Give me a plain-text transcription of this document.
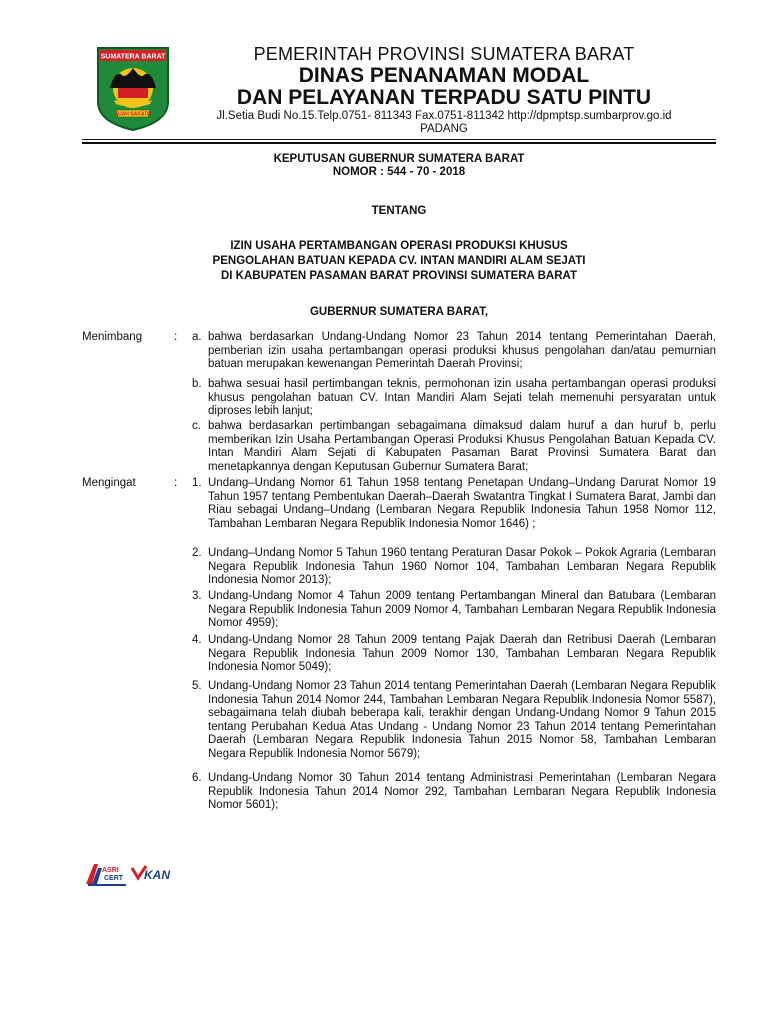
SUMATERA BARAT
TUAH SAKATO
PEMERINTAH PROVINSI SUMATERA BARAT
DINAS PENANAMAN MODAL
DAN PELAYANAN TERPADU SATU PINTU
Jl.Setia Budi No.15.Telp.0751- 811343 Fax.0751-811342 http://dpmptsp.sumbarprov.go.id
PADANG
KEPUTUSAN GUBERNUR SUMATERA BARAT
NOMOR : 544 - 70 - 2018
TENTANG
IZIN USAHA PERTAMBANGAN OPERASI PRODUKSI KHUSUS
PENGOLAHAN BATUAN KEPADA CV. INTAN MANDIRI ALAM SEJATI
DI KABUPATEN PASAMAN BARAT PROVINSI SUMATERA BARAT
GUBERNUR SUMATERA BARAT,
Menimbang	: a. bahwa berdasarkan Undang-Undang Nomor 23 Tahun 2014 tentang Pemerintahan Daerah, pemberian izin usaha pertambangan operasi produksi khusus pengolahan dan/atau pemurnian batuan merupakan kewenangan Pemerintah Daerah Provinsi;
b. bahwa sesuai hasil pertimbangan teknis, permohonan izin usaha pertambangan operasi produksi khusus pengolahan batuan CV. Intan Mandiri Alam Sejati telah memenuhi persyaratan untuk diproses lebih lanjut;
c. bahwa berdasarkan pertimbangan sebagaimana dimaksud dalam huruf a dan huruf b, perlu memberikan Izin Usaha Pertambangan Operasi Produksi Khusus Pengolahan Batuan Kepada CV. Intan Mandiri Alam Sejati di Kabupaten Pasaman Barat Provinsi Sumatera Barat dan menetapkannya dengan Keputusan Gubernur Sumatera Barat;
Mengingat	: 1. Undang–Undang Nomor 61 Tahun 1958 tentang Penetapan Undang–Undang Darurat Nomor 19 Tahun 1957 tentang Pembentukan Daerah–Daerah Swatantra Tingkat I Sumatera Barat, Jambi dan Riau sebagai Undang–Undang (Lembaran Negara Republik Indonesia Tahun 1958 Nomor 112, Tambahan Lembaran Negara Republik Indonesia Nomor 1646) ;
2. Undang–Undang Nomor 5 Tahun 1960 tentang Peraturan Dasar Pokok – Pokok Agraria (Lembaran Negara Republik Indonesia Tahun 1960 Nomor 104, Tambahan Lembaran Negara Republik Indonesia Nomor 2013);
3. Undang-Undang Nomor 4 Tahun 2009 tentang Pertambangan Mineral dan Batubara (Lembaran Negara Republik Indonesia Tahun 2009 Nomor 4, Tambahan Lembaran Negara Republik Indonesia Nomor 4959);
4. Undang-Undang Nomor 28 Tahun 2009 tentang Pajak Daerah dan Retribusi Daerah (Lembaran Negara Republik Indonesia Tahun 2009 Nomor 130, Tambahan Lembaran Negara Republik Indonesia Nomor 5049);
5. Undang-Undang Nomor 23 Tahun 2014 tentang Pemerintahan Daerah (Lembaran Negara Republik Indonesia Tahun 2014 Nomor 244, Tambahan Lembaran Negara Republik Indonesia Nomor 5587), sebagaimana telah diubah beberapa kali, terakhir dengan Undang-Undang Nomor 9 Tahun 2015 tentang Perubahan Kedua Atas Undang - Undang Nomor 23 Tahun 2014 tentang Pemerintahan Daerah (Lembaran Negara Republik Indonesia Tahun 2015 Nomor 58, Tambahan Lembaran Negara Republik Indonesia Nomor 5679);
6. Undang-Undang Nomor 30 Tahun 2014 tentang Administrasi Pemerintahan (Lembaran Negara Republik Indonesia Tahun 2014 Nomor 292, Tambahan Lembaran Negara Republik Indonesia Nomor 5601);
ASRI
CERT KAN
